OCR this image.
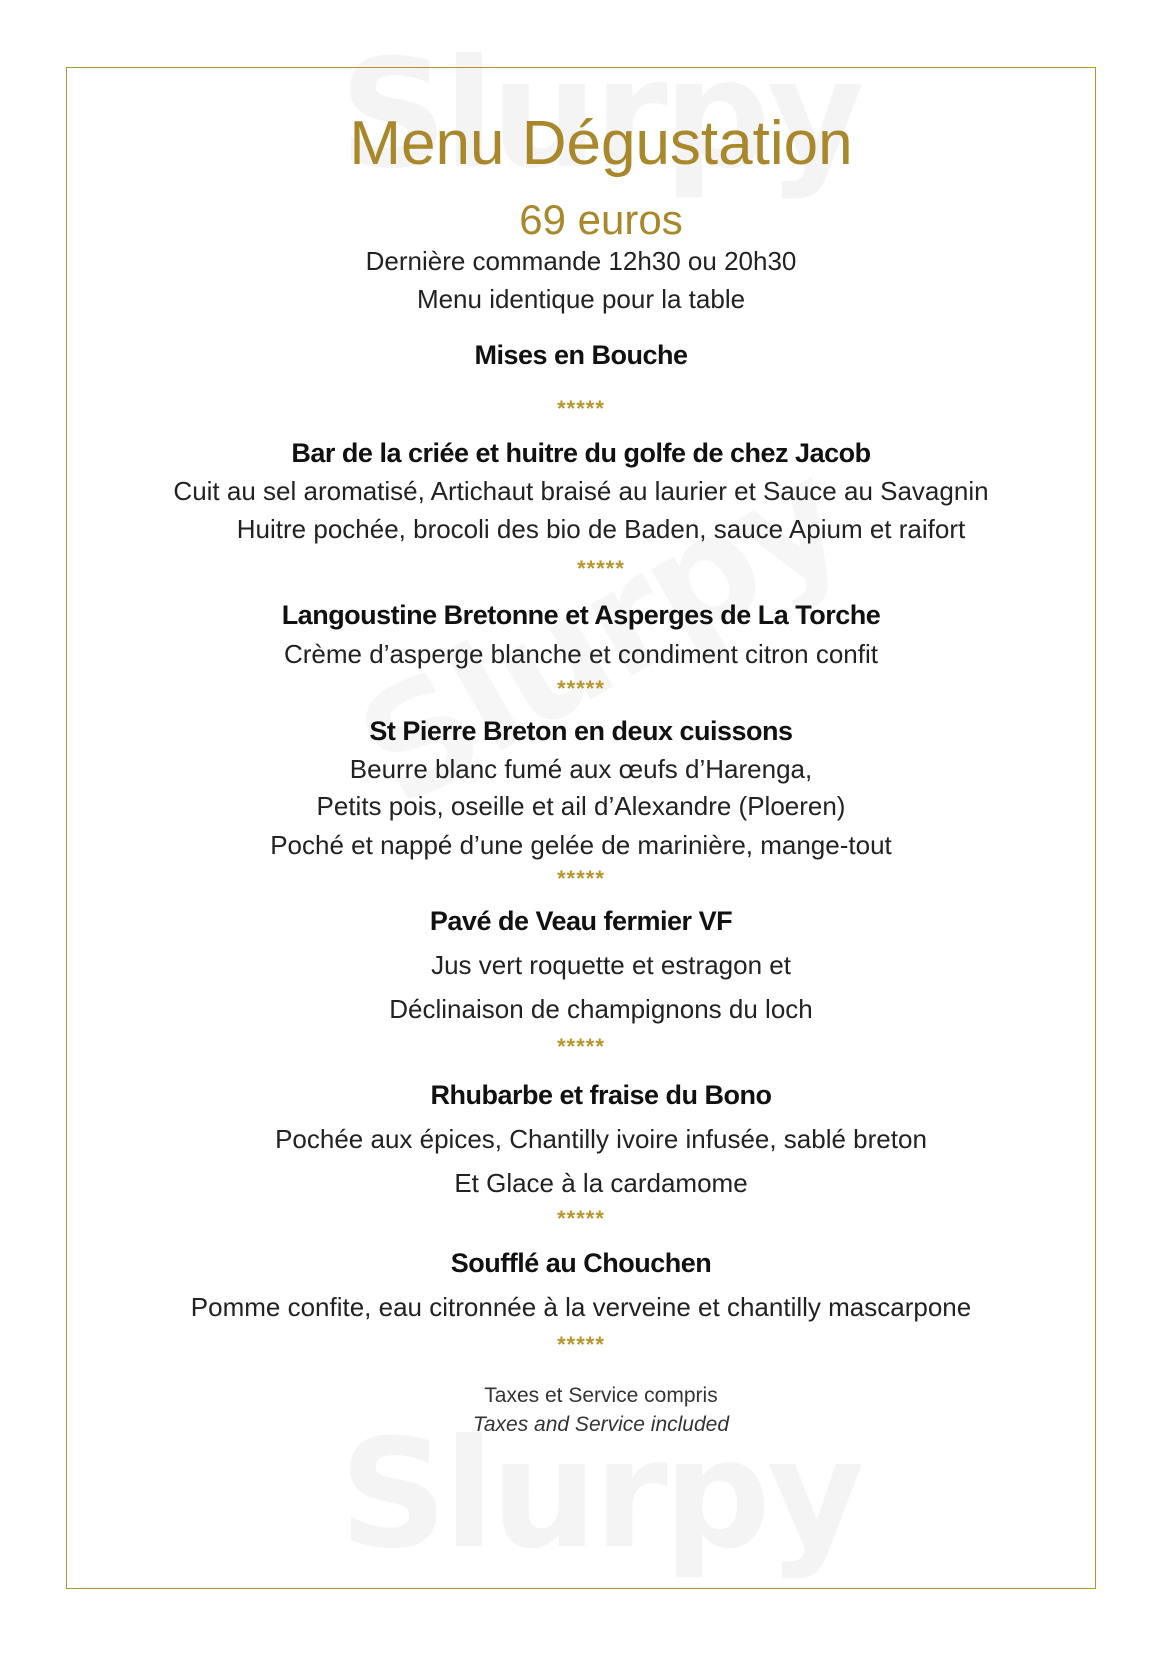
Menu Dégustation
69 euros
Dernière commande 12h30 ou 20h30
Menu identique pour la table
Mises en Bouche
*****
Bar de la criée et huitre du golfe de chez Jacob
Cuit au sel aromatisé, Artichaut braisé au laurier et Sauce au Savagnin
Huitre pochée, brocoli des bio de Baden, sauce Apium et raifort
*****
Langoustine Bretonne et Asperges de La Torche
Crème d’asperge blanche et condiment citron confit
*****
St Pierre Breton en deux cuissons
Beurre blanc fumé aux œufs d’Harenga,
Petits pois, oseille et ail d’Alexandre (Ploeren)
Poché et nappé d’une gelée de marinière, mange-tout
*****
Pavé de Veau fermier VF
Jus vert roquette et estragon et
Déclinaison de champignons du loch
*****
Rhubarbe et fraise du Bono
Pochée aux épices, Chantilly ivoire infusée, sablé breton
Et Glace à la cardamome
*****
Soufflé au Chouchen
Pomme confite, eau citronnée à la verveine et chantilly mascarpone
*****
Taxes et Service compris
Taxes and Service included
